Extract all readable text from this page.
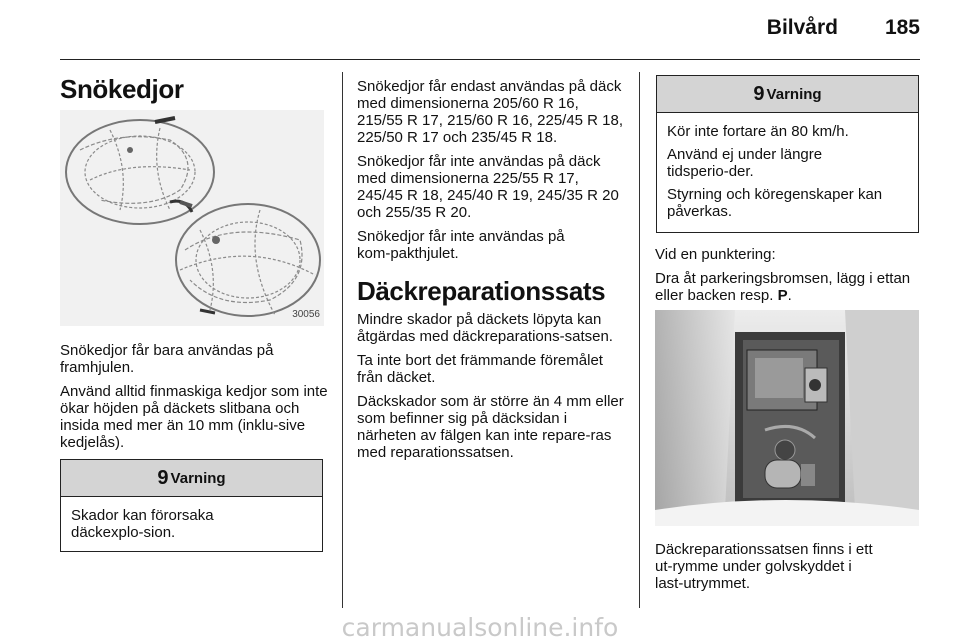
Bilvård 185
Snökedjor
30056

Snökedjor får bara användas på framhjulen.

Använd alltid finmaskiga kedjor som inte ökar höjden på däckets slitbana och insida med mer än 10 mm (inklu‑sive kedjelås).

9 Varning

Skador kan förorsaka däckexplo‑sion.

Snökedjor får endast användas på däck med dimensionerna 205/60 R 16, 215/55 R 17, 215/60 R 16, 225/45 R 18, 225/50 R 17 och 235/45 R 18.

Snökedjor får inte användas på däck med dimensionerna 225/55 R 17, 245/45 R 18, 245/40 R 19, 245/35 R 20 och 255/35 R 20.

Snökedjor får inte användas på kom‑pakthjulet.

Däckreparationssats

Mindre skador på däckets löpyta kan åtgärdas med däckreparations‑satsen.

Ta inte bort det främmande föremålet från däcket.

Däckskador som är större än 4 mm eller som befinner sig på däcksidan i närheten av fälgen kan inte repare‑ras med reparationssatsen.

9 Varning

Kör inte fortare än 80 km/h.

Använd ej under längre tidsperio‑der.

Styrning och köregenskaper kan påverkas.

Vid en punktering:

Dra åt parkeringsbromsen, lägg i ettan eller backen resp. P.

Däckreparationssatsen finns i ett ut‑rymme under golvskyddet i last‑utrymmet.

carmanualsonline.info
